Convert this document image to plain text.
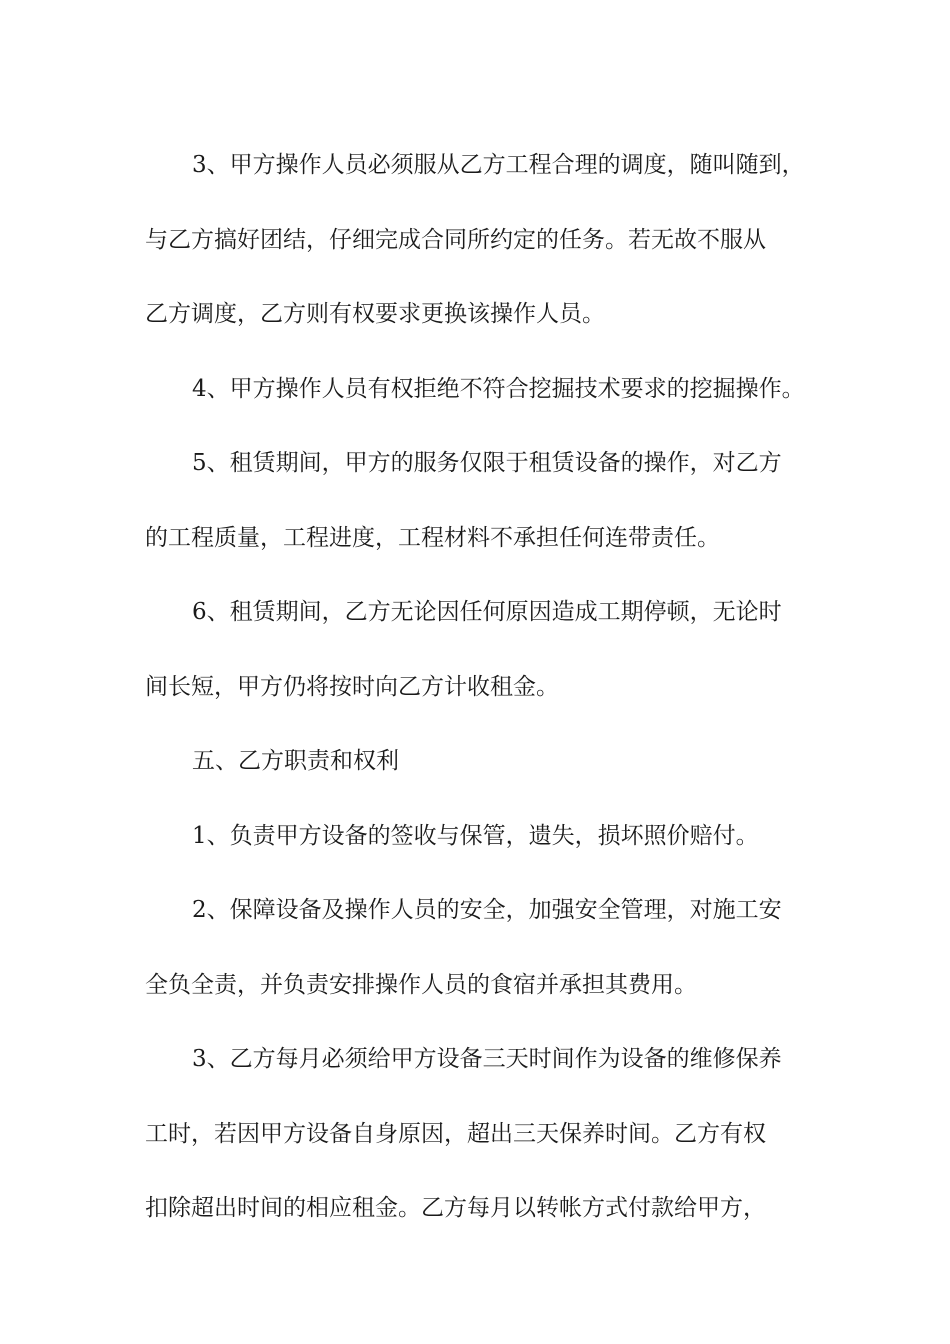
3、甲方操作人员必须服从乙方工程合理的调度，随叫随到，
与乙方搞好团结，仔细完成合同所约定的任务。若无故不服从
乙方调度，乙方则有权要求更换该操作人员。
4、甲方操作人员有权拒绝不符合挖掘技术要求的挖掘操作。
5、租赁期间，甲方的服务仅限于租赁设备的操作，对乙方
的工程质量，工程进度，工程材料不承担任何连带责任。
6、租赁期间，乙方无论因任何原因造成工期停顿，无论时
间长短，甲方仍将按时向乙方计收租金。
五、乙方职责和权利
1、负责甲方设备的签收与保管，遗失，损坏照价赔付。
2、保障设备及操作人员的安全，加强安全管理，对施工安
全负全责，并负责安排操作人员的食宿并承担其费用。
3、乙方每月必须给甲方设备三天时间作为设备的维修保养
工时，若因甲方设备自身原因，超出三天保养时间。乙方有权
扣除超出时间的相应租金。乙方每月以转帐方式付款给甲方，
